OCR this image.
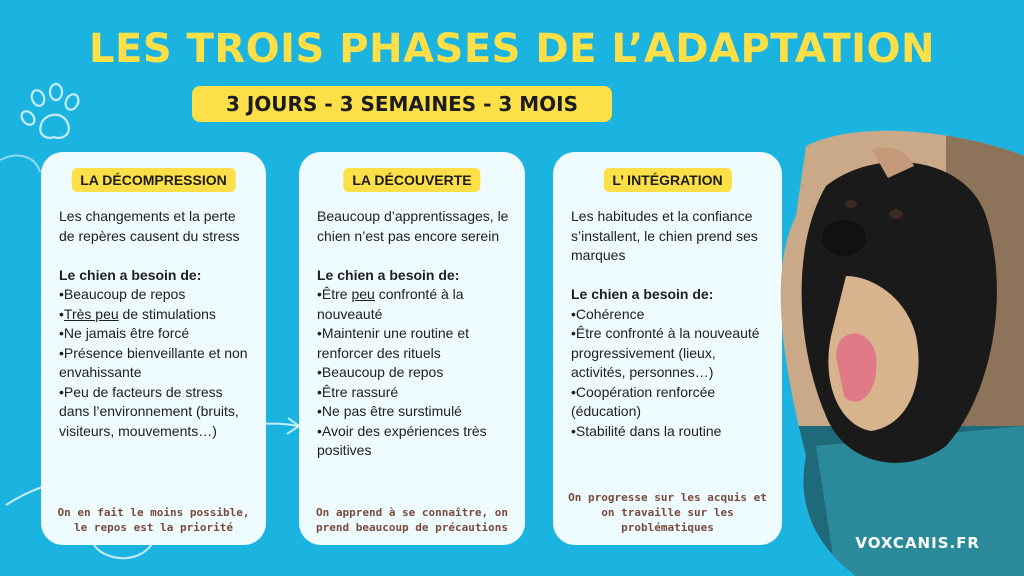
LES TROIS PHASES DE L’ADAPTATION
3 JOURS - 3 SEMAINES - 3 MOIS
LA DÉCOMPRESSION

Les changements et la perte de repères causent du stress

Le chien a besoin de:

• Beaucoup de repos
• Très peu de stimulations
• Ne jamais être forcé
• Présence bienveillante et non envahissante
• Peu de facteurs de stress dans l’environnement (bruits, visiteurs, mouvements…)
On en fait le moins possible, le repos est la priorité
LA DÉCOUVERTE

Beaucoup d’apprentissages, le chien n’est pas encore serein

Le chien a besoin de:

• Être peu confronté à la nouveauté
• Maintenir une routine et renforcer des rituels
• Beaucoup de repos
• Être rassuré
• Ne pas être surstimulé
• Avoir des expériences très positives
On apprend à se connaître, on prend beaucoup de précautions
L’ INTÉGRATION

Les habitudes et la confiance s’installent, le chien prend ses marques

Le chien a besoin de:

• Cohérence
• Être confronté à la nouveauté progressivement (lieux, activités, personnes…)
• Coopération renforcée (éducation)
• Stabilité dans la routine
On progresse sur les acquis et on travaille sur les problématiques
VOXCANIS.FR
